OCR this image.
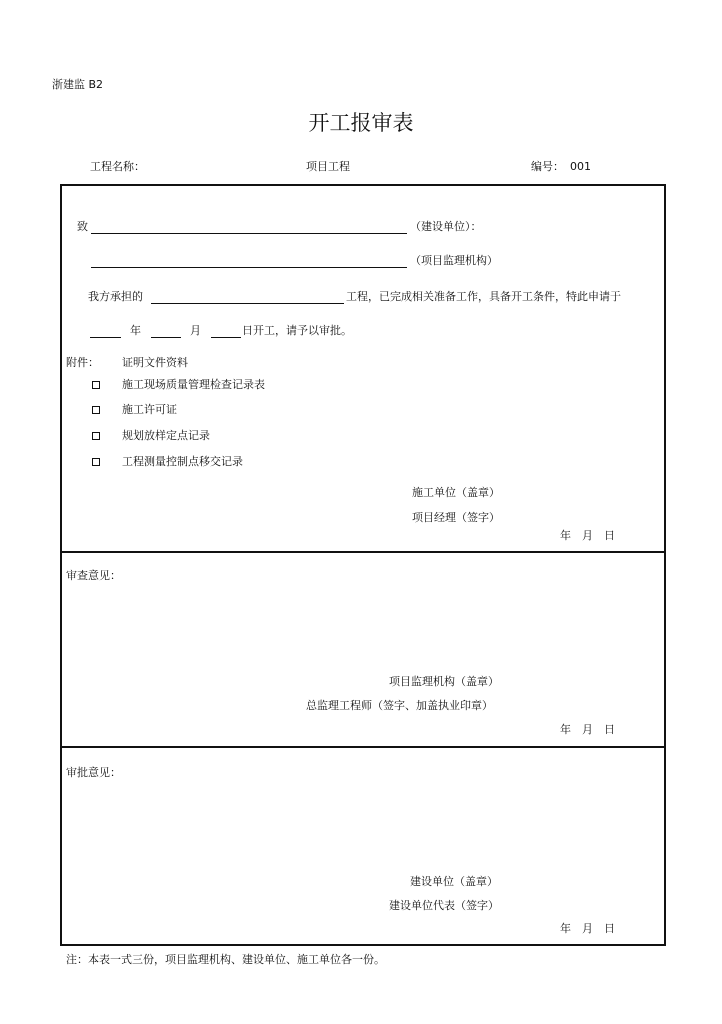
浙建监 B2
开工报审表
工程名称：	项目工程	编号： 001
致	（建设单位）：
（项目监理机构）
我方承担的	工程，已完成相关准备工作，具备开工条件，特此申请于
年	月	日开工，请予以审批。
附件： 证明文件资料
施工现场质量管理检查记录表
施工许可证
规划放样定点记录
工程测量控制点移交记录
施工单位（盖章）
项目经理（签字）
年　月　日
审查意见：
项目监理机构（盖章）
总监理工程师（签字、加盖执业印章）
年　月　日
审批意见：
建设单位（盖章）
建设单位代表（签字）
年　月　日
注：本表一式三份，项目监理机构、建设单位、施工单位各一份。
